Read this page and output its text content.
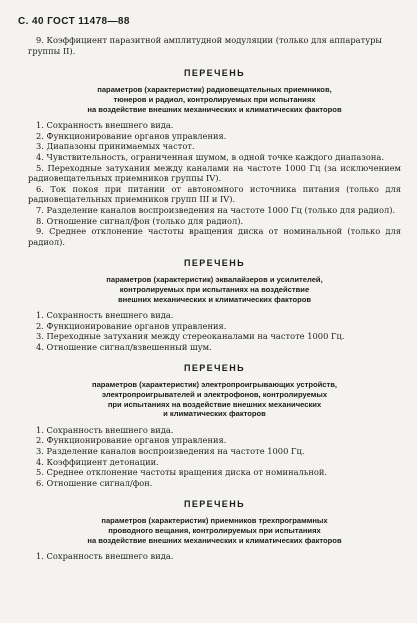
С. 40 ГОСТ 11478—88

9. Коэффициент паразитной амплитудной модуляции (только для аппаратуры группы II).

ПЕРЕЧЕНЬ
параметров (характеристик) радиовещательных приемников,
тюнеров и радиол, контролируемых при испытаниях
на воздействие внешних механических и климатических факторов

1. Сохранность внешнего вида.

2. Функционирование органов управления.

3. Диапазоны принимаемых частот.

4. Чувствительность, ограниченная шумом, в одной точке каждого диапазона.

5. Переходные затухания между каналами на частоте 1000 Гц (за исключением радиовещательных приемников группы IV).

6. Ток покоя при питании от автономного источника питания (только для радиовещательных приемников групп III и IV).

7. Разделение каналов воспроизведения на частоте 1000 Гц (только для радиол).

8. Отношение сигнал/фон (только для радиол).

9. Среднее отклонение частоты вращения диска от номинальной (только для радиол).

ПЕРЕЧЕНЬ
параметров (характеристик) эквалайзеров и усилителей,
контролируемых при испытаниях на воздействие
внешних механических и климатических факторов

1. Сохранность внешнего вида.

2. Функционирование органов управления.

3. Переходные затухания между стереоканалами на частоте 1000 Гц.

4. Отношение сигнал/взвешенный шум.

ПЕРЕЧЕНЬ
параметров (характеристик) электропроигрывающих устройств,
электропроигрывателей и электрофонов, контролируемых
при испытаниях на воздействие внешних механических
и климатических факторов

1. Сохранность внешнего вида.

2. Функционирование органов управления.

3. Разделение каналов воспроизведения на частоте 1000 Гц.

4. Коэффициент детонации.

5. Среднее отклонение частоты вращения диска от номинальной.

6. Отношение сигнал/фон.

ПЕРЕЧЕНЬ
параметров (характеристик) приемников трехпрограммных
проводного вещания, контролируемых при испытаниях
на воздействие внешних механических и климатических факторов

1. Сохранность внешнего вида.
